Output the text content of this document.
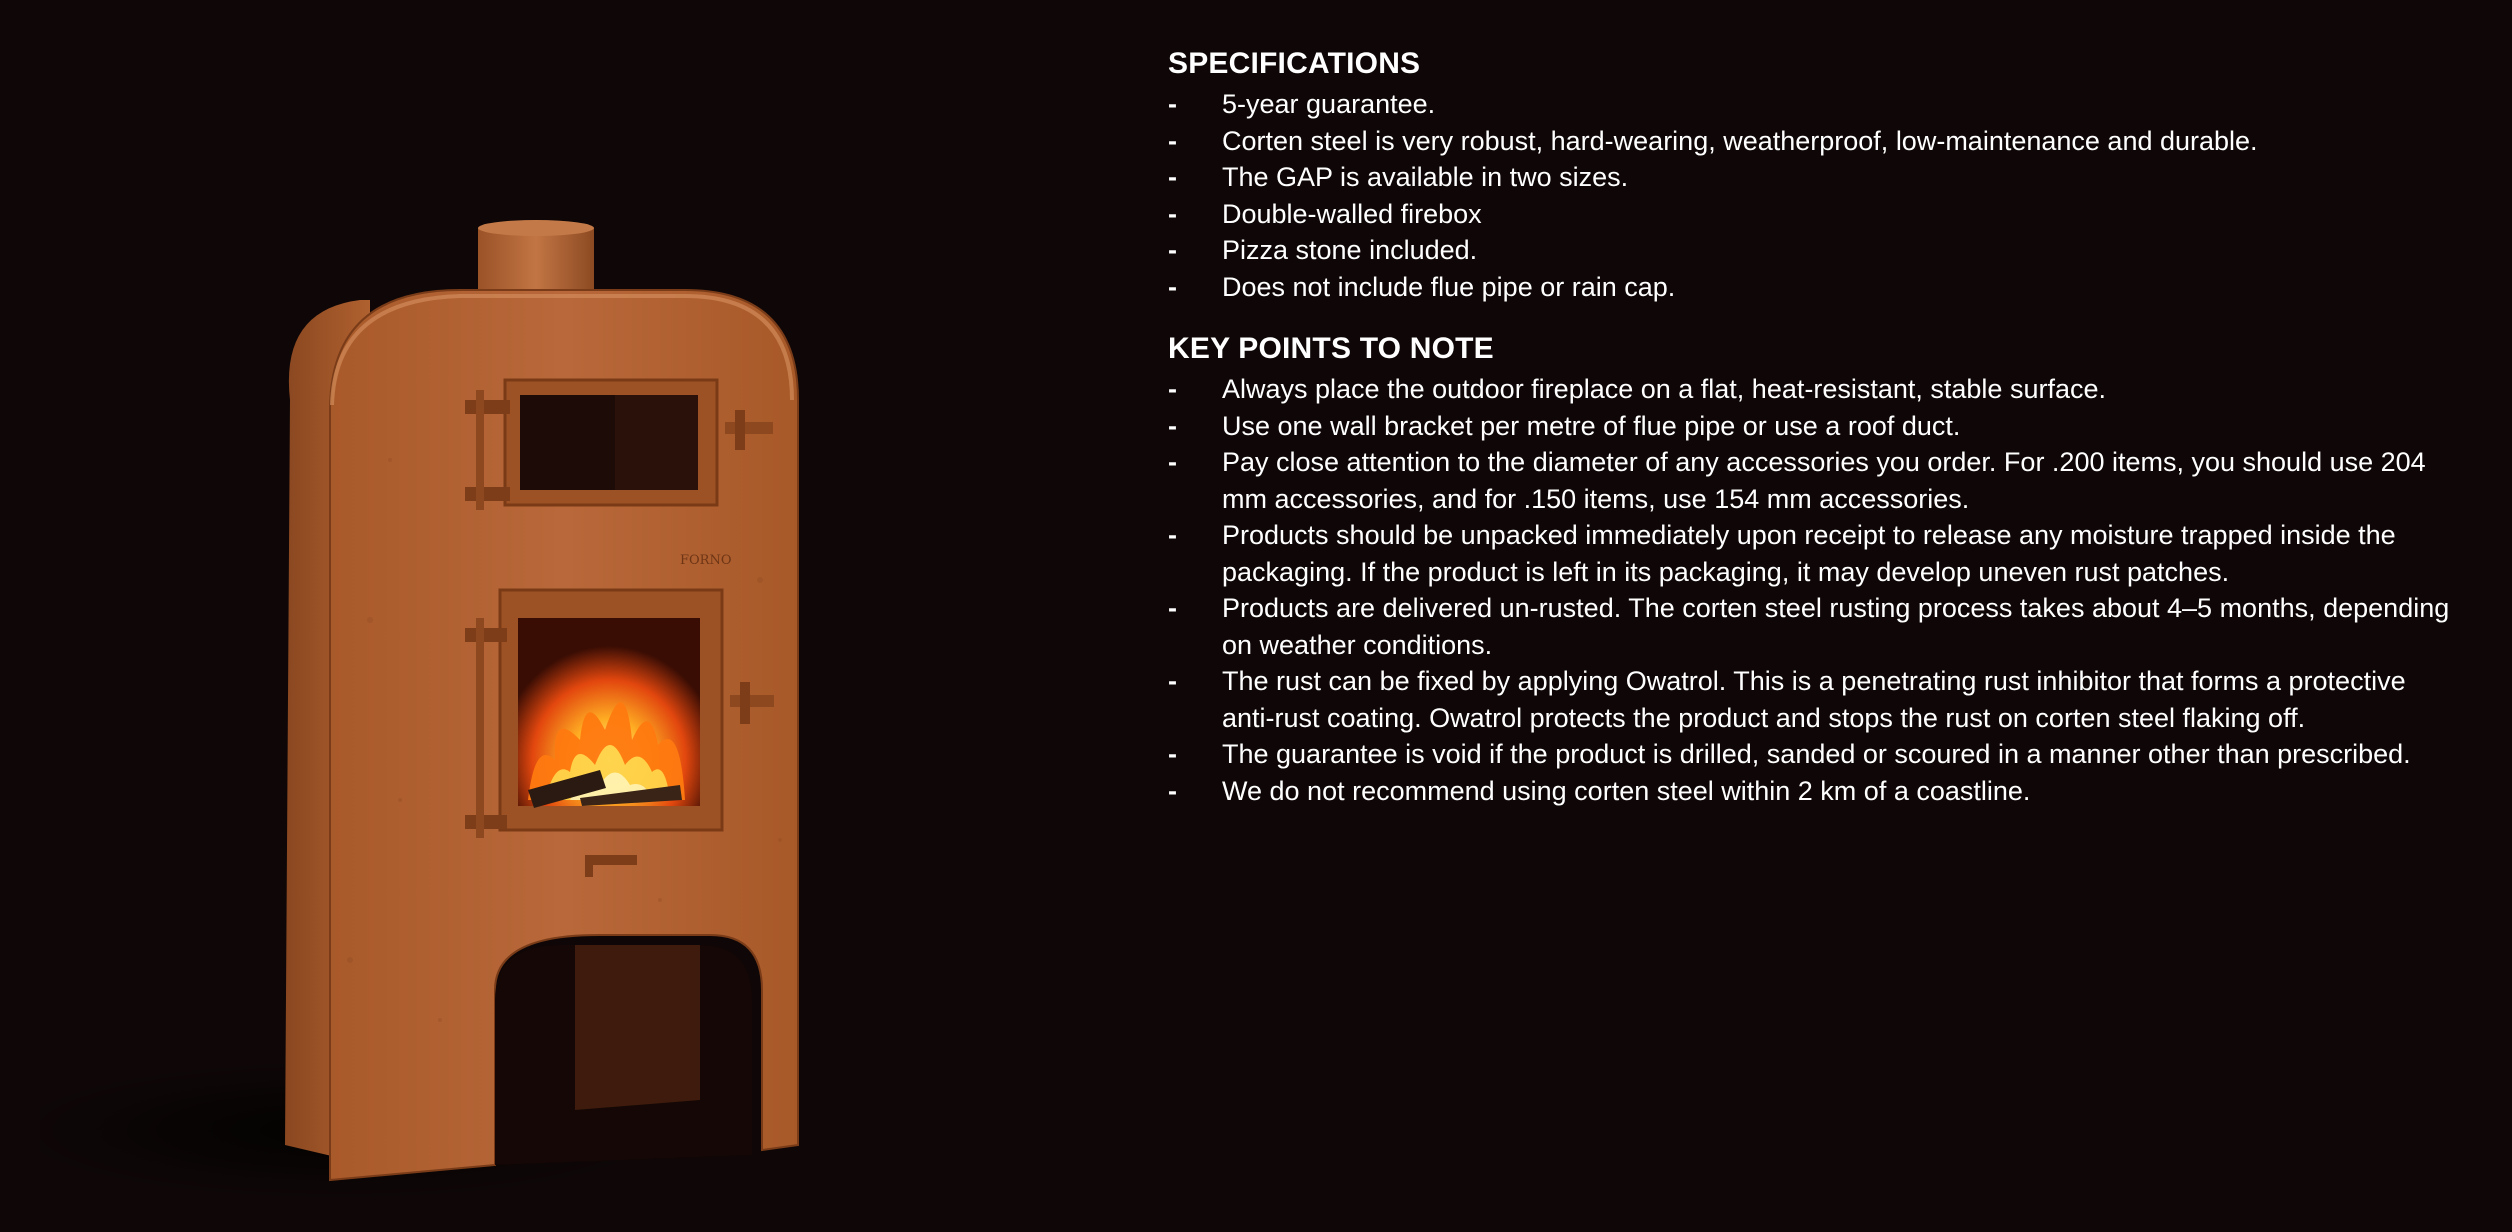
FORNO
SPECIFICATIONS
- 5-year guarantee.
- Corten steel is very robust, hard-wearing, weatherproof, low-maintenance and durable.
- The GAP is available in two sizes.
- Double-walled firebox
- Pizza stone included.
- Does not include flue pipe or rain cap.
KEY POINTS TO NOTE
- Always place the outdoor fireplace on a flat, heat-resistant, stable surface.
- Use one wall bracket per metre of flue pipe or use a roof duct.
- Pay close attention to the diameter of any accessories you order. For .200 items, you should use 204 mm accessories, and for .150 items, use 154 mm accessories.
- Products should be unpacked immediately upon receipt to release any moisture trapped inside the packaging. If the product is left in its packaging, it may develop uneven rust patches.
- Products are delivered un-rusted. The corten steel rusting process takes about 4–5 months, depending on weather conditions.
- The rust can be fixed by applying Owatrol. This is a penetrating rust inhibitor that forms a protective anti-rust coating. Owatrol protects the product and stops the rust on corten steel flaking off.
- The guarantee is void if the product is drilled, sanded or scoured in a manner other than prescribed.
- We do not recommend using corten steel within 2 km of a coastline.
